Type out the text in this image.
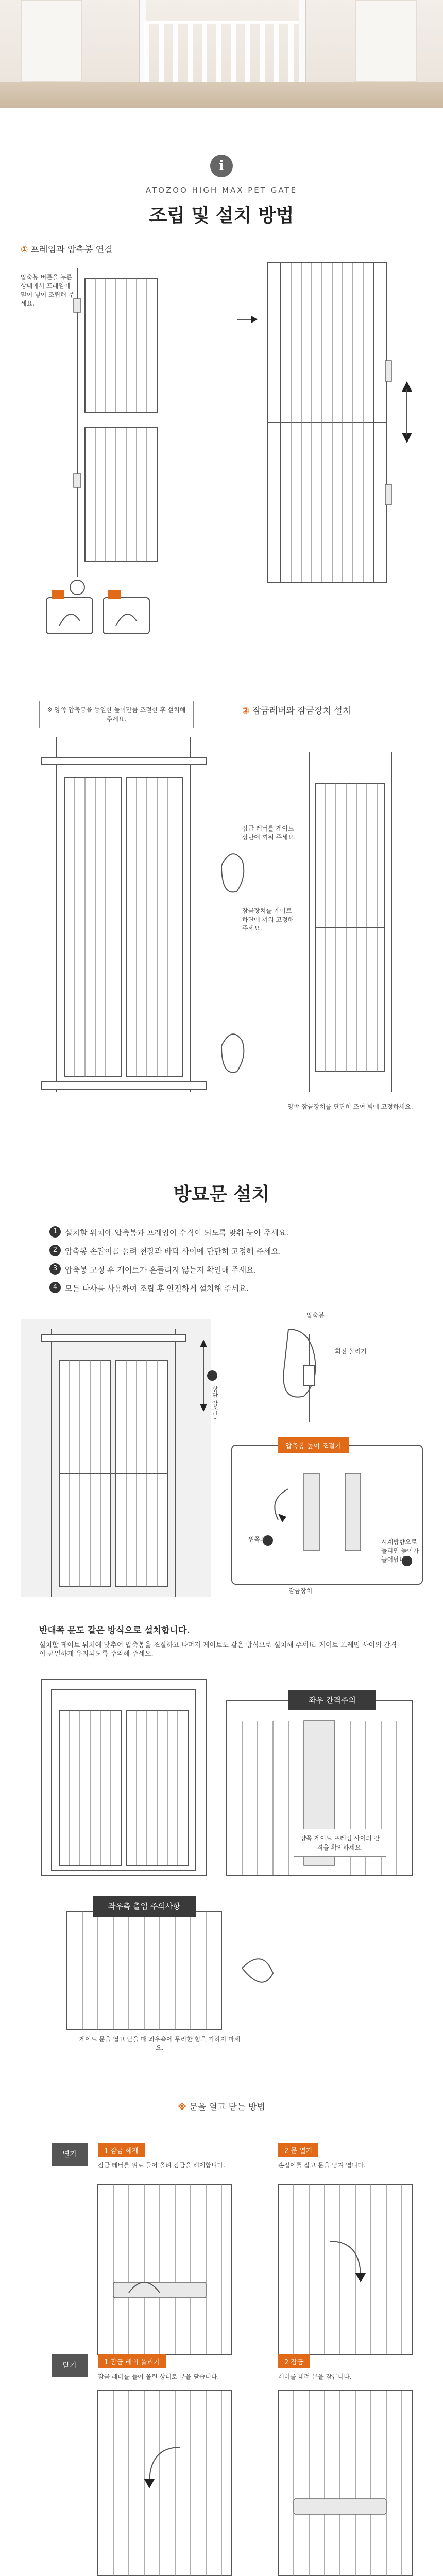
i
ATOZOO HIGH MAX PET GATE
조립 및 설치 방법
① 프레임과 압축봉 연결
압축봉 버튼을 누른 상태에서 프레임에 밀어 넣어 조립해 주세요.
※ 양쪽 압축봉을 동일한 높이만큼 조절한 후 설치해 주세요.
② 잠금레버와 잠금장치 설치
잠금 레버를 게이트 상단에 끼워 주세요.
잠금장치를 게이트 하단에 끼워 고정해 주세요.
양쪽 잠금장치를 단단히 조여 벽에 고정하세요.
방묘문 설치
1 설치할 위치에 압축봉과 프레임이 수직이 되도록 맞춰 놓아 주세요.
2 압축봉 손잡이를 돌려 천장과 바닥 사이에 단단히 고정해 주세요.
3 압축봉 고정 후 게이트가 흔들리지 않는지 확인해 주세요.
4 모든 나사를 사용하여 조립 후 안전하게 설치해 주세요.
압축봉
회전 놀리기
상단 압축봉
압축봉 높이 조절기
위쪽으로	시계방향으로 돌리면 높이가 늘어납니다
잠금장치
반대쪽 문도 같은 방식으로 설치합니다.
설치할 게이트 위치에 맞추어 압축봉을 조절하고 나머지 게이트도 같은 방식으로 설치해 주세요. 게이트 프레임 사이의 간격이 균일하게 유지되도록 주의해 주세요.
좌우 간격주의
양쪽 게이트 프레임 사이의 간격을 확인하세요.
좌우측 출입 주의사항
게이트 문을 열고 닫을 때 좌우측에 무리한 힘을 가하지 마세요.
※ 문을 열고 닫는 방법
열기	1 잠금 해제	2 문 열기
잠금 레버를 위로 들어 올려 잠금을 해제합니다.	손잡이를 잡고 문을 당겨 엽니다.
닫기	1 잠금 레버 올리기	2 잠금
잠금 레버를 들어 올린 상태로 문을 닫습니다.	레버를 내려 문을 잠급니다.
